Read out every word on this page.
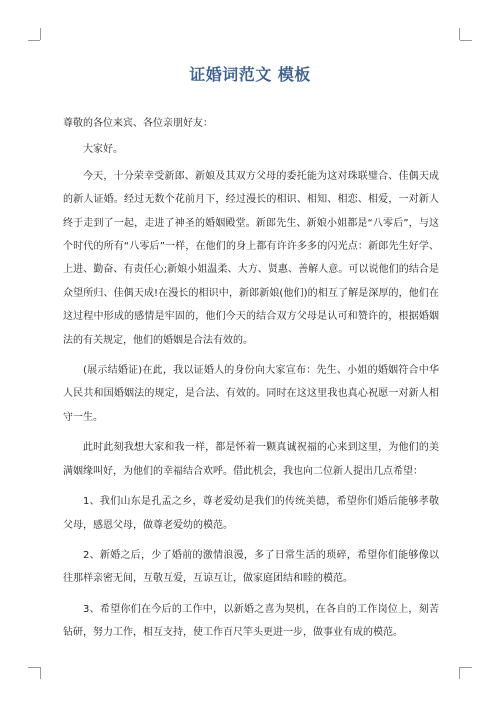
证婚词范文 模板

尊敬的各位来宾、各位亲朋好友：

大家好。

今天，十分荣幸受新郎、新娘及其双方父母的委托能为这对珠联璧合、佳偶天成的新人证婚。经过无数个花前月下，经过漫长的相识、相知、相恋、相爱，一对新人终于走到了一起，走进了神圣的婚姻殿堂。新郎先生、新娘小姐都是“八零后”，与这个时代的所有“八零后”一样，在他们的身上都有许许多多的闪光点：新郎先生好学、上进、勤奋、有责任心;新娘小姐温柔、大方、贤惠、善解人意。可以说他们的结合是众望所归、佳偶天成!在漫长的相识中，新郎新娘(他们)的相互了解是深厚的，他们在这过程中形成的感情是牢固的，他们今天的结合双方父母是认可和赞许的，根据婚姻法的有关规定，他们的婚姻是合法有效的。

(展示结婚证)在此，我以证婚人的身份向大家宣布：先生、小姐的婚姻符合中华人民共和国婚姻法的规定，是合法、有效的。同时在这这里我也真心祝愿一对新人相守一生。

此时此刻我想大家和我一样，都是怀着一颗真诚祝福的心来到这里，为他们的美满姻缘叫好，为他们的幸福结合欢呼。借此机会，我也向二位新人提出几点希望：

1、我们山东是孔孟之乡，尊老爱幼是我们的传统美德，希望你们婚后能够孝敬父母，感恩父母，做尊老爱幼的模范。

2、新婚之后，少了婚前的激情浪漫，多了日常生活的琐碎，希望你们能够像以往那样亲密无间，互敬互爱，互谅互让，做家庭团结和睦的模范。

3、希望你们在今后的工作中，以新婚之喜为契机，在各自的工作岗位上，刻苦钻研，努力工作，相互支持，使工作百尺竿头更进一步，做事业有成的模范。
